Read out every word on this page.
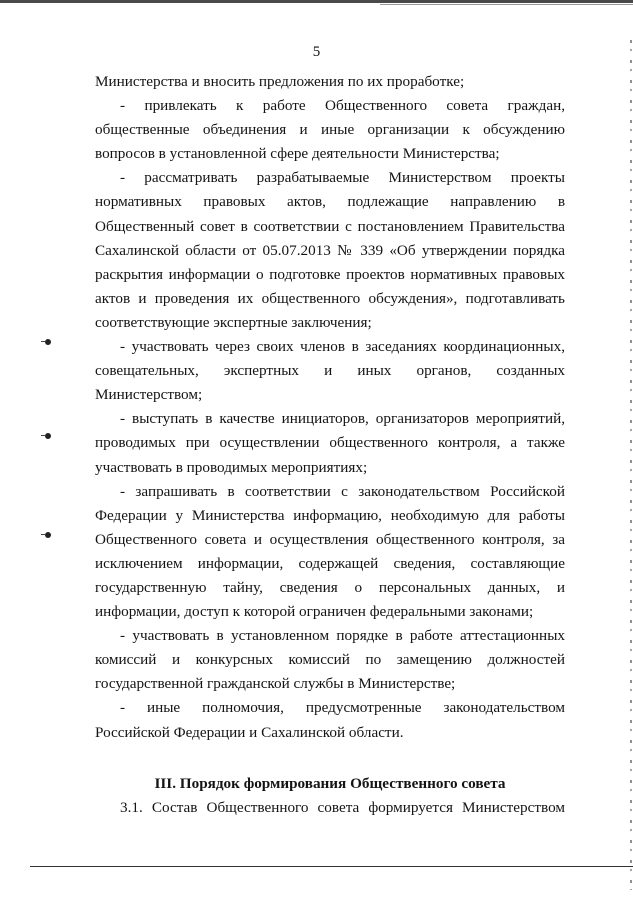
5

Министерства и вносить предложения по их проработке;

- привлекать к работе Общественного совета граждан, общественные объединения и иные организации к обсуждению вопросов в установленной сфере деятельности Министерства;

- рассматривать разрабатываемые Министерством проекты нормативных правовых актов, подлежащие направлению в Общественный совет в соответствии с постановлением Правительства Сахалинской области от 05.07.2013 № 339 «Об утверждении порядка раскрытия информации о подготовке проектов нормативных правовых актов и проведения их общественного обсуждения», подготавливать соответствующие экспертные заключения;

- участвовать через своих членов в заседаниях координационных, совещательных, экспертных и иных органов, созданных Министерством;

- выступать в качестве инициаторов, организаторов мероприятий, проводимых при осуществлении общественного контроля, а также участвовать в проводимых мероприятиях;

- запрашивать в соответствии с законодательством Российской Федерации у Министерства информацию, необходимую для работы Общественного совета и осуществления общественного контроля, за исключением информации, содержащей сведения, составляющие государственную тайну, сведения о персональных данных, и информации, доступ к которой ограничен федеральными законами;

- участвовать в установленном порядке в работе аттестационных комиссий и конкурсных комиссий по замещению должностей государственной гражданской службы в Министерстве;

- иные полномочия, предусмотренные законодательством Российской Федерации и Сахалинской области.

III. Порядок формирования Общественного совета

3.1. Состав Общественного совета формируется Министерством
